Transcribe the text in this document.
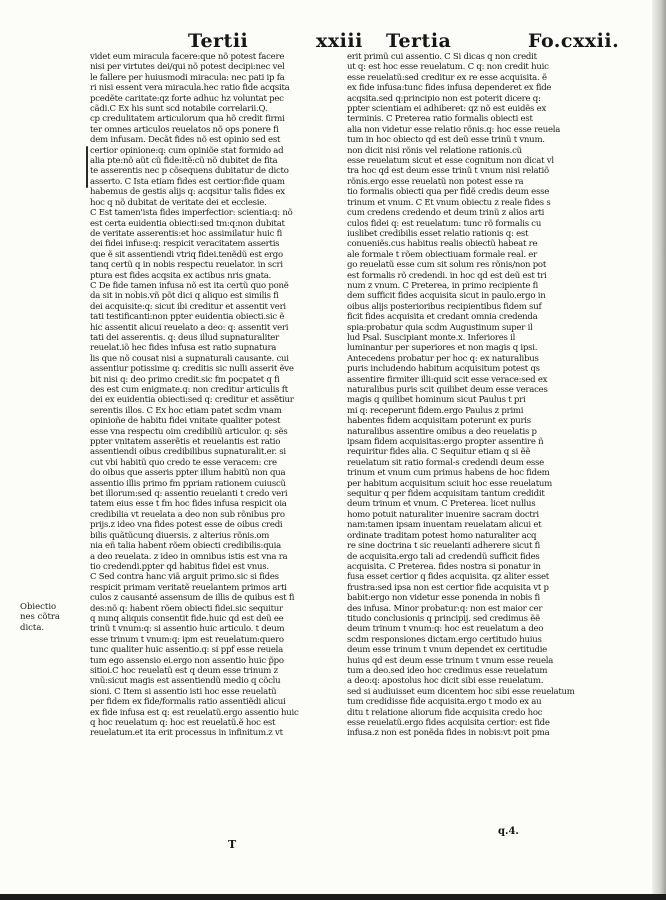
Tertii	xxiii Tertia	Fo.cxxii.
Obiectio
nes cõtra
dicta.
videt eum miracula facere:que nõ potest facere
nisi per virtutes dei/qui nõ potest decipi:nec vel
le fallere per huiusmodi miracula: nec pati ip fa
ri nisi essent vera miracula.hec ratio fide acqsita
pcedẽte caritate:qz forte adhuc hz voluntat pec
cãdi.C Ex his sunt scd notabile correlarii.Q.
cp credulitatem articulorum qua hõ credit firmi
ter omnes articulos reuelatos nõ ops ponere fi
dem infusam. Decãt fides nõ est opinio sed est
certior opinione:q: cum opiniõe stat formido ad
alia pte:nõ aũt cũ fide:itẽ:cũ nõ dubitet de fita
te asserentis nec p cõsequens dubitatur de dicto
asserto. C Ista etiam fides est certior:fide quam
habemus de gestis alijs q: acqsitur talis fides ex
hoc q nõ dubitat de veritate dei et ecclesie.
C Est tamen'ista fides imperfectior: scientia:q: nõ
est certa euidentia obiecti:sed tm:q:non dubitat
de veritate asserentis:et hoc assimilatur huic fi
dei fidei infuse:q: respicit veracitatem assertis
que ẽ sit assentiendi vtriq fidei.tenẽdũ est ergo
tanq certũ q in nobis respectu reuelator. in scri
ptura est fides acqsita ex actibus nris gnata.
C De fide tamen infusa nõ est ita certũ quo ponẽ
da sit in nobis.vñ põt dici q aliquo est similis fi
dei acquisite:q: sicut ibi creditur et assentit veri
tati testificanti:non ppter euidentia obiecti.sic ẽ
hic assentit alicui reuelato a deo: q: assentit veri
tati dei asserentis. q: deus illud supnaturaliter
reuelat.iõ hec fides infusa est ratio supnatura
lis que nõ cousat nisi a supnaturali causante. cui
assentiur potissime q: creditis sic nulli asserit ẽve
bit nisi q: deo primo credit.sic fm pocpatet q fi
des est cum enigmate.q: non creditur articulis ft
dei ex euidentia obiecti:sed q: creditur et assẽtiur
serentis illos. C Ex hoc etiam patet scdm vnam
opinioñe de habitu fidei vnitate qualiter potest
esse vna respectu oim credibiliũ articulor. q: sẽs
ppter vnitatem asserẽtis et reuelantis est ratio
assentiendi oibus credibilibus supnaturalit.er. si
cut vbi habitũ quo credo te esse veracem: cre
do oibus que asseris ppter illum habitũ non qua
assentio illis primo fm ppriam rationem cuiuscũ
bet illorum:sed q: assentio reuelanti t credo veri
tatem eius esse t fm hoc fides infusa respicit oia
credibilia vt reuelata a deo non sub rõnibus pro
prijs.z ideo vna fides potest esse de oibus credi
bilis quãtũcunq diuersis. z alterius rõnis.om
nia eñ talia habent rõem obiecti credibilis:quia
a deo reuelata. z ideo in omnibus istis est vna ra
tio credendi.ppter qd habitus fidei est vnus.
C Sed contra hanc viã arguit primo.sic si fides
respicit primam veritatẽ reuelantem primos arti
culos z causanté assensum de illis de quibus est fi
des:nõ q: habent rõem obiecti fidei.sic sequitur
q nunq aliquis consentit fide.huic qd est deũ ee
trinũ t vnum:q: si assentio huic articulo. t deum
esse trinum t vnum:q: ipm est reuelatum:quero
tunc qualiter huic assentio.q: si ppf esse reuela
tum ego assensio ei.ergo non assentio huic p̃po
sitioi.C hoc reuelatũ est q deum esse trinum z
vnũ:sicut magis est assentiendũ medio q cõclu
sioni. C Item si assentio isti hoc esse reuelatũ
per fidem ex fide/formalis ratio assentiẽdi alicui
ex fide infusa est q: est reuelatũ.ergo assentio huic
q hoc reuelatum q: hoc est reuelatũ.ẽ hoc est
reuelatum.et ita erit processus in infinitum.z vt
erit primũ cui assentio. C Si dicas q non credit
ut q: est hoc esse reuelatum. C q: non credit huic
esse reuelatũ:sed creditur ex re esse acquisita. ẽ
ex fide infusa:tunc fides infusa dependeret ex fide
acqsita.sed q:principio non est poterit dicere q:
ppter scientiam ei adhiberet: qz nõ est euidẽs ex
terminis. C Preterea ratio formalis obiecti est
alia non videtur esse relatio rõnis.q: hoc esse reuela
tum in hoc obiecto qd est deũ esse trinũ t vnum.
non dicit nisi rõnis vel relatione rationis.cũ
esse reuelatum sicut et esse cognitum non dicat vl
tra hoc qd est deum esse trinũ t vnum nisi relatiõ
rõnis.ergo esse reuelatũ non potest esse ra
tio formalis obiecti qua per fidẽ credis deum esse
trinum et vnum. C Et vnum obiectu z reale fides s
cum credens credendo et deum trinũ z alios arti
culos fidei q: est reuelatum: tunc rõ formalis cu
iuslibet credibilis esset relatio rationis q: est
conueniẽs.cus habitus realis obiectũ habeat re
ale formale t rõem obiectiuam formale real. er
go reuelatũ esse cum sit solum res rõnis/non pot
est formalis rõ credendi. in hoc qd est deũ est tri
num z vnum. C Preterea, in primo recipiente fi
dem sufficit fides acquisita sicut in paulo.ergo in
oibus alijs posterioribus recipientibus fidem suf
ficit fides acquisita et credant omnia credenda
spia:probatur quia scdm Augustinum super il
lud Psal. Suscipiant monte.x. Inferiores il
luminantur per superiores et non magis q ipsi.
Antecedens probatur per hoc q: ex naturalibus
puris includendo habitum acquisitum potest qs
assentire firmiter illi:quid scit esse verace:sed ex
naturalibus puris scit quilibet deum esse veraces
magis q quilibet hominum sicut Paulus t pri
mi q: receperunt fidem.ergo Paulus z primi
habentes fidem acquisitam poterunt ex puris
naturalibus assentire omibus a deo reuelatis p
ipsam fidem acquisitas:ergo propter assentire ñ
requiritur fides alia. C Sequitur etiam q si ẽẽ
reuelatum sit ratio formal-s credendi deum esse
trinum et vnum cum primus habens de hoc fidem
per habitum acquisitum sciuit hoc esse reuelatum
sequitur q per fidem acquisitam tantum credidit
deum trinum et vnum. C Preterea. licet nullus
homo potuit naturaliter inuenire sacram doctri
nam:tamen ipsam inuentam reuelatam alicui et
ordinate traditam potest homo naturaliter acq
re sine doctrina t sic reuelanti adherere sicut fi
de acquisita.ergo tali ad credendũ sufficit fides
acquisita. C Preterea. fides nostra si ponatur in
fusa esset certior q fides acquisita. qz aliter esset
frustra:sed ipsa non est certior fide acquisita vt p
babit:ergo non videtur esse ponenda in nobis fi
des infusa. Minor probatur:q: non est maior cer
titudo conclusionis q principij. sed credimus ẽẽ
deum trinum t vnum:q: hoc est reuelatum a deo
scdm responsiones dictam.ergo certitudo huius
deum esse trinum t vnum dependet ex certitudie
huius qd est deum esse trinum t vnum esse reuela
tum a deo.sed ideo hoc credimus esse reuelatum
a deo:q: apostolus hoc dicit sibi esse reuelatum.
sed si audiuisset eum dicentem hoc sibi esse reuelatum
tum credidisse fide acquisita.ergo t modo ex au
ditu t relatione aliorum fide acquisita credo hoc
esse reuelatũ.ergo fides acquisita certior: est fide
infusa.z non est ponẽda fides in nobis:vt poit pma
T
q.4.
